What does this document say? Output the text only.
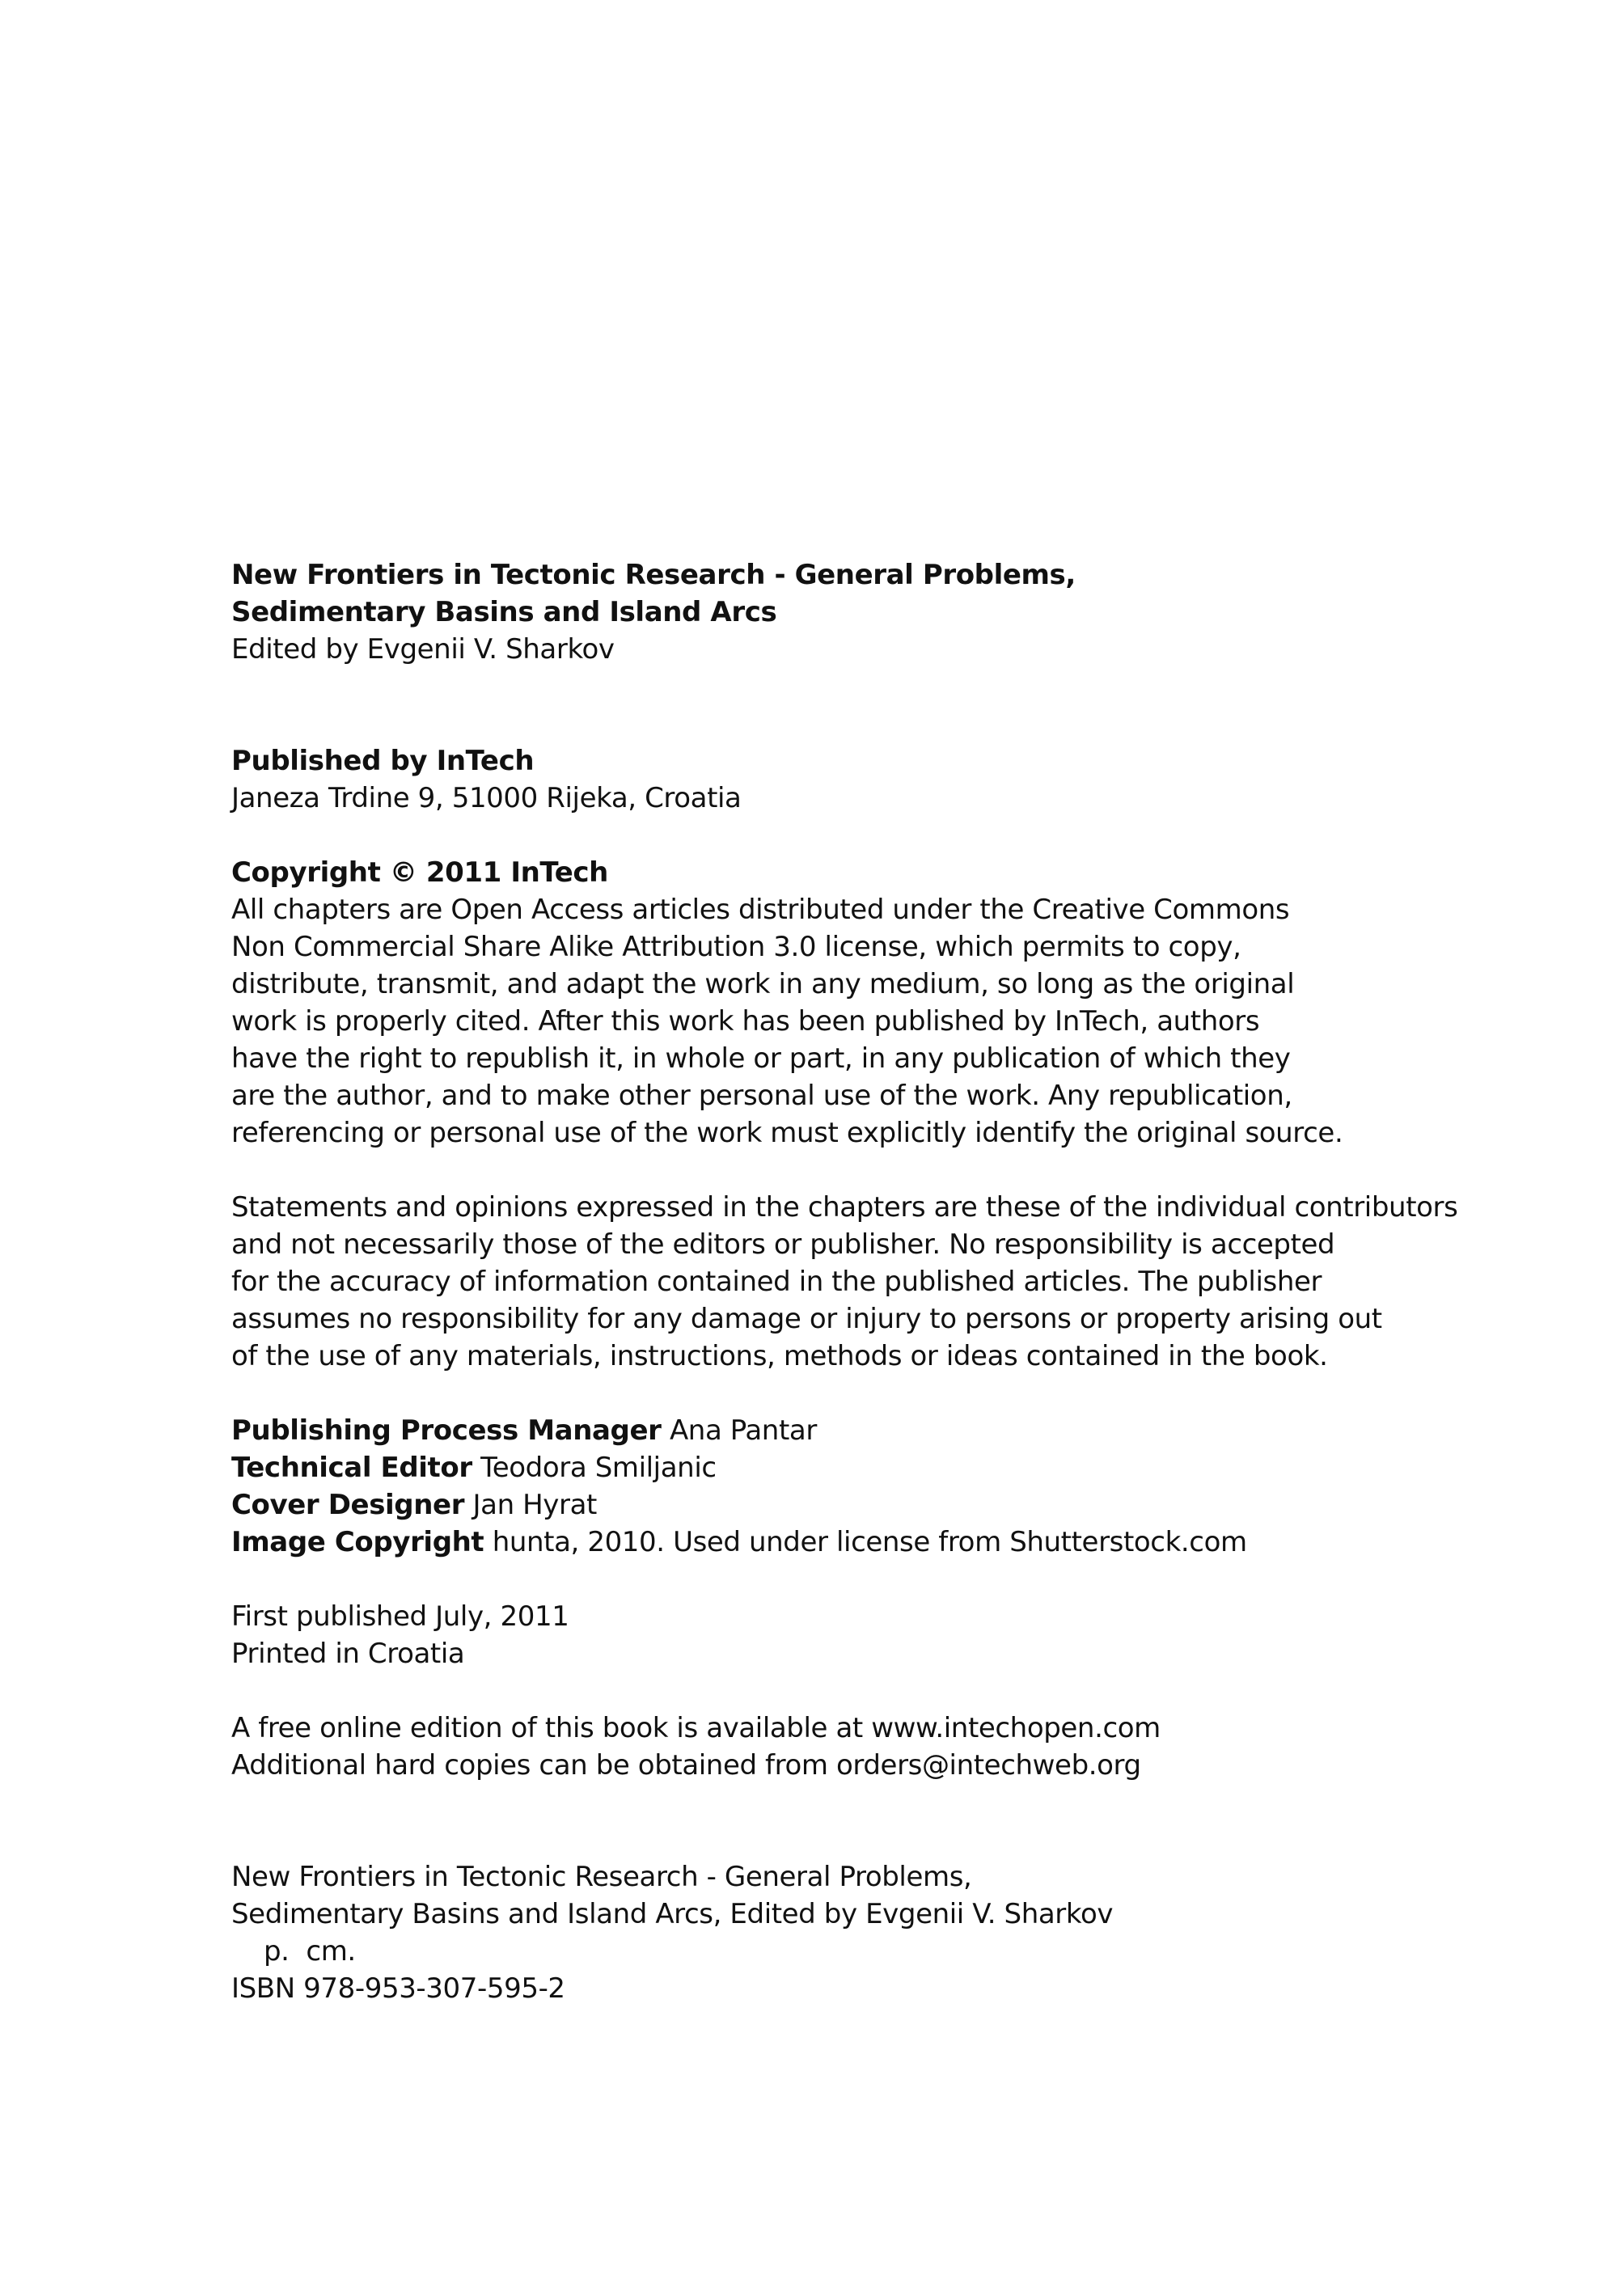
New Frontiers in Tectonic Research - General Problems,
Sedimentary Basins and Island Arcs
Edited by Evgenii V. Sharkov
Published by InTech
Janeza Trdine 9, 51000 Rijeka, Croatia
Copyright © 2011 InTech
All chapters are Open Access articles distributed under the Creative Commons
Non Commercial Share Alike Attribution 3.0 license, which permits to copy,
distribute, transmit, and adapt the work in any medium, so long as the original
work is properly cited. After this work has been published by InTech, authors
have the right to republish it, in whole or part, in any publication of which they
are the author, and to make other personal use of the work. Any republication,
referencing or personal use of the work must explicitly identify the original source.
Statements and opinions expressed in the chapters are these of the individual contributors
and not necessarily those of the editors or publisher. No responsibility is accepted
for the accuracy of information contained in the published articles. The publisher
assumes no responsibility for any damage or injury to persons or property arising out
of the use of any materials, instructions, methods or ideas contained in the book.
Publishing Process Manager Ana Pantar
Technical Editor Teodora Smiljanic
Cover Designer Jan Hyrat
Image Copyright hunta, 2010. Used under license from Shutterstock.com
First published July, 2011
Printed in Croatia
A free online edition of this book is available at www.intechopen.com
Additional hard copies can be obtained from orders@intechweb.org
New Frontiers in Tectonic Research - General Problems,
Sedimentary Basins and Island Arcs, Edited by Evgenii V. Sharkov
p.  cm.
ISBN 978-953-307-595-2
